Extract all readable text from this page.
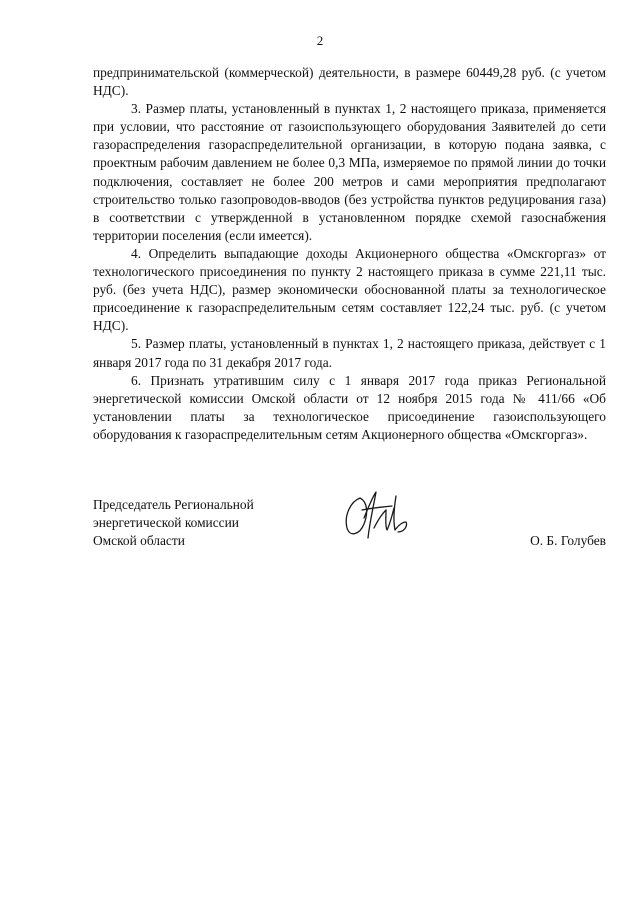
2

предпринимательской (коммерческой) деятельности, в размере 60449,28 руб. (с учетом НДС).

3. Размер платы, установленный в пунктах 1, 2 настоящего приказа, применяется при условии, что расстояние от газоиспользующего оборудования Заявителей до сети газораспределения газораспределительной организации, в которую подана заявка, с проектным рабочим давлением не более 0,3 МПа, измеряемое по прямой линии до точки подключения, составляет не более 200 метров и сами мероприятия предполагают строительство только газопроводов-вводов (без устройства пунктов редуцирования газа) в соответствии с утвержденной в установленном порядке схемой газоснабжения территории поселения (если имеется).

4. Определить выпадающие доходы Акционерного общества «Омскгоргаз» от технологического присоединения по пункту 2 настоящего приказа в сумме 221,11 тыс. руб. (без учета НДС), размер экономически обоснованной платы за технологическое присоединение к газораспределительным сетям составляет 122,24 тыс. руб. (с учетом НДС).

5. Размер платы, установленный в пунктах 1, 2 настоящего приказа, действует с 1 января 2017 года по 31 декабря 2017 года.

6. Признать утратившим силу с 1 января 2017 года приказ Региональной энергетической комиссии Омской области от 12 ноября 2015 года № 411/66 «Об установлении платы за технологическое присоединение газоиспользующего оборудования к газораспределительным сетям Акционерного общества «Омскгоргаз».

Председатель Региональной
энергетической комиссии
Омской области	О. Б. Голубев
